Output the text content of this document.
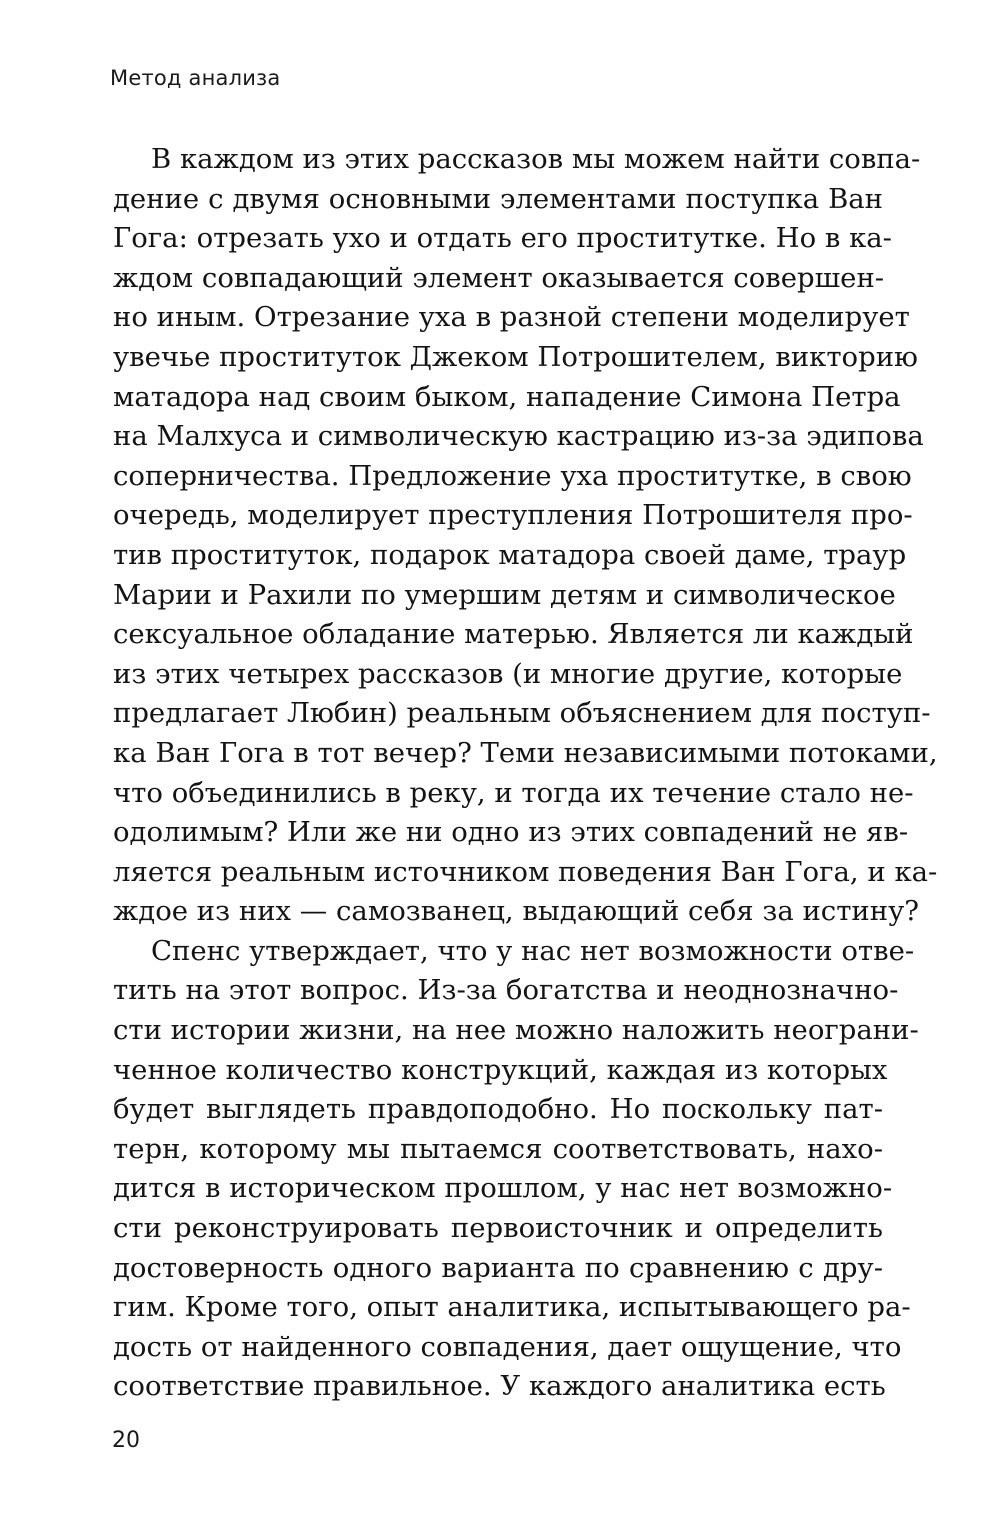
Метод анализа
В каждом из этих рассказов мы можем найти совпа-
дение с двумя основными элементами поступка Ван
Гога: отрезать ухо и отдать его проститутке. Но в ка-
ждом совпадающий элемент оказывается совершен-
но иным. Отрезание уха в разной степени моделирует
увечье проституток Джеком Потрошителем, викторию
матадора над своим быком, нападение Симона Петра
на Малхуса и символическую кастрацию из-за эдипова
соперничества. Предложение уха проститутке, в свою
очередь, моделирует преступления Потрошителя про-
тив проституток, подарок матадора своей даме, траур
Марии и Рахили по умершим детям и символическое
сексуальное обладание матерью. Является ли каждый
из этих четырех рассказов (и многие другие, которые
предлагает Любин) реальным объяснением для поступ-
ка Ван Гога в тот вечер? Теми независимыми потоками,
что объединились в реку, и тогда их течение стало не-
одолимым? Или же ни одно из этих совпадений не яв-
ляется реальным источником поведения Ван Гога, и ка-
ждое из них — самозванец, выдающий себя за истину?
Спенс утверждает, что у нас нет возможности отве-
тить на этот вопрос. Из-за богатства и неоднозначно-
сти истории жизни, на нее можно наложить неограни-
ченное количество конструкций, каждая из которых
будет выглядеть правдоподобно. Но поскольку пат-
терн, которому мы пытаемся соответствовать, нахо-
дится в историческом прошлом, у нас нет возможно-
сти реконструировать первоисточник и определить
достоверность одного варианта по сравнению с дру-
гим. Кроме того, опыт аналитика, испытывающего ра-
дость от найденного совпадения, дает ощущение, что
соответствие правильное. У каждого аналитика есть
20
